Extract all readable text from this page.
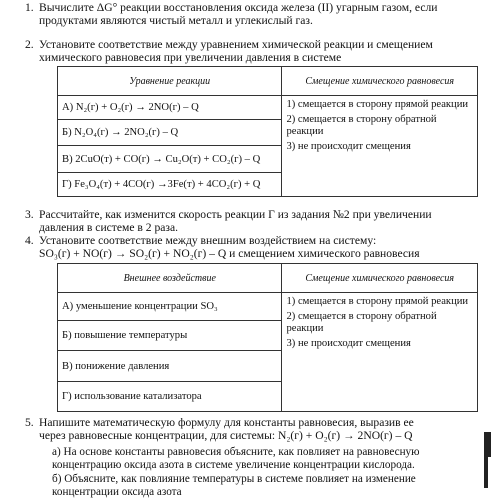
1. Вычислите ΔG° реакции восстановления оксида железа (II) угарным газом, если
продуктами являются чистый металл и углекислый газ.
2. Установите соответствие между уравнением химической реакции и смещением
химического равновесия при увеличении давления в системе
Уравнение реакции	Смещение химического равновесия
А) N₂(г) + O₂(г) → 2NO(г) – Q	1) смещается в сторону прямой реакции
2) смещается в сторону обратной реакции
3) не происходит смещения

Б) N₂O₄(г) → 2NO₂(г) – Q	
В) 2CuO(т) + CO(г) → Cu₂O(т) + CO₂(г) – Q	
Г) Fe₃O₄(т) + 4CO(г) →3Fe(т) + 4CO₂(г) + Q	
3. Рассчитайте, как изменится скорость реакции Г из задания №2 при увеличении
давления в системе в 2 раза.
4. Установите соответствие между внешним воздействием на систему:
SO₃(г) + NO(г) → SO₂(г) + NO₂(г) – Q и смещением химического равновесия
Внешнее воздействие	Смещение химического равновесия
А) уменьшение концентрации SO₃	1) смещается в сторону прямой реакции
2) смещается в сторону обратной реакции
3) не происходит смещения

Б) повышение температуры	
В) понижение давления	
Г) использование катализатора	
5. Напишите математическую формулу для константы равновесия, выразив ее
через равновесные концентрации, для системы: N₂(г) + O₂(г) → 2NO(г) – Q
а) На основе константы равновесия объясните, как повлияет на равновесную
концентрацию оксида азота в системе увеличение концентрации кислорода.
б) Объясните, как повлияние температуры в системе повлияет на изменение
концентрации оксида азота
